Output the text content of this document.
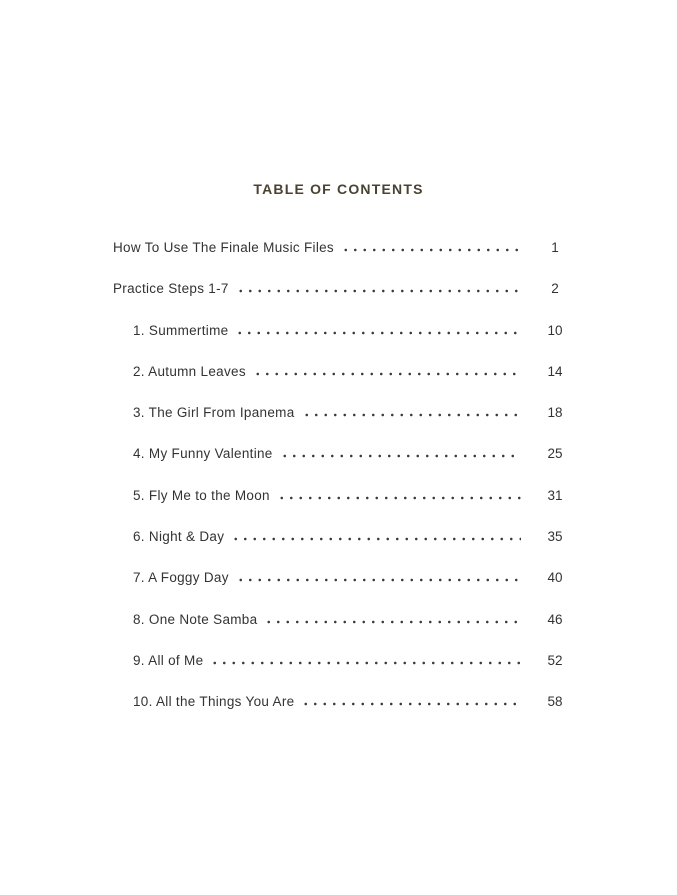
TABLE OF CONTENTS
How To Use The Finale Music Files	1
Practice Steps 1-7	2
1. Summertime	10
2. Autumn Leaves	14
3. The Girl From Ipanema	18
4. My Funny Valentine	25
5. Fly Me to the Moon	31
6. Night & Day	35
7. A Foggy Day	40
8. One Note Samba	46
9. All of Me	52
10. All the Things You Are	58
